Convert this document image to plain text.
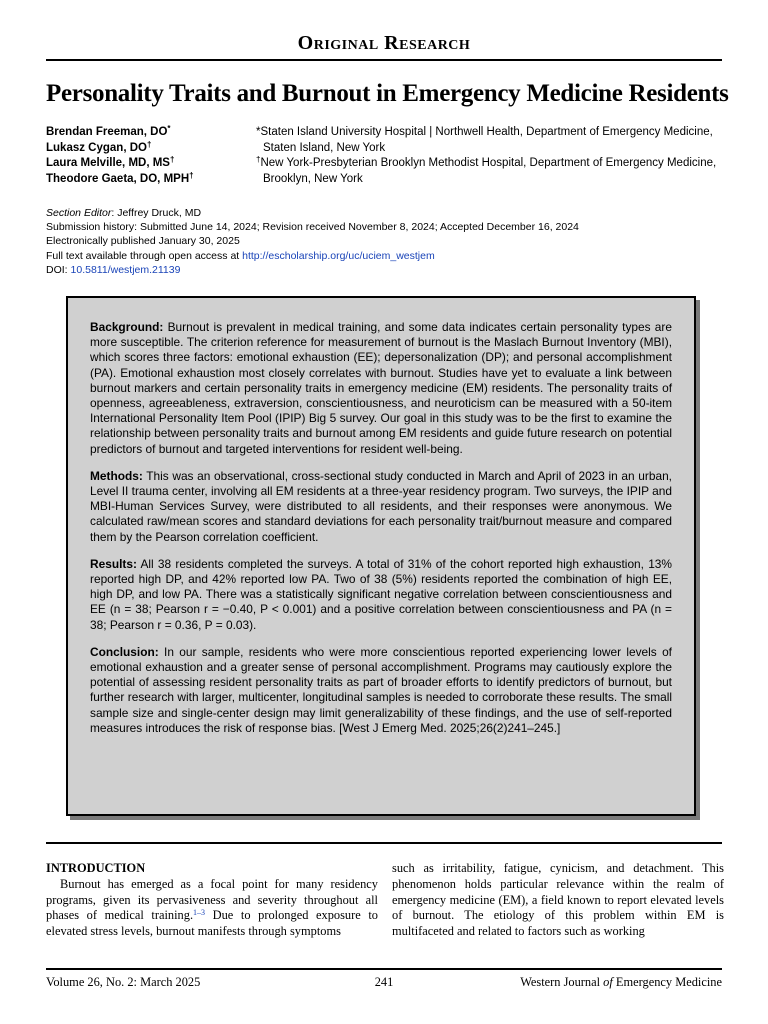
Original Research
Personality Traits and Burnout in Emergency Medicine Residents
Brendan Freeman, DO*
Lukasz Cygan, DO†
Laura Melville, MD, MS†
Theodore Gaeta, DO, MPH†
*Staten Island University Hospital | Northwell Health, Department of Emergency Medicine, Staten Island, New York
†New York-Presbyterian Brooklyn Methodist Hospital, Department of Emergency Medicine, Brooklyn, New York
Section Editor: Jeffrey Druck, MD
Submission history: Submitted June 14, 2024; Revision received November 8, 2024; Accepted December 16, 2024
Electronically published January 30, 2025
Full text available through open access at http://escholarship.org/uc/uciem_westjem
DOI: 10.5811/westjem.21139

Background: Burnout is prevalent in medical training, and some data indicates certain personality types are more susceptible. The criterion reference for measurement of burnout is the Maslach Burnout Inventory (MBI), which scores three factors: emotional exhaustion (EE); depersonalization (DP); and personal accomplishment (PA). Emotional exhaustion most closely correlates with burnout. Studies have yet to evaluate a link between burnout markers and certain personality traits in emergency medicine (EM) residents. The personality traits of openness, agreeableness, extraversion, conscientiousness, and neuroticism can be measured with a 50-item International Personality Item Pool (IPIP) Big 5 survey. Our goal in this study was to be the first to examine the relationship between personality traits and burnout among EM residents and guide future research on potential predictors of burnout and targeted interventions for resident well-being.

Methods: This was an observational, cross-sectional study conducted in March and April of 2023 in an urban, Level II trauma center, involving all EM residents at a three-year residency program. Two surveys, the IPIP and MBI-Human Services Survey, were distributed to all residents, and their responses were anonymous. We calculated raw/mean scores and standard deviations for each personality trait/burnout measure and compared them by the Pearson correlation coefficient.

Results: All 38 residents completed the surveys. A total of 31% of the cohort reported high exhaustion, 13% reported high DP, and 42% reported low PA. Two of 38 (5%) residents reported the combination of high EE, high DP, and low PA. There was a statistically significant negative correlation between conscientiousness and EE (n = 38; Pearson r = −0.40, P < 0.001) and a positive correlation between conscientiousness and PA (n = 38; Pearson r = 0.36, P = 0.03).

Conclusion: In our sample, residents who were more conscientious reported experiencing lower levels of emotional exhaustion and a greater sense of personal accomplishment. Programs may cautiously explore the potential of assessing resident personality traits as part of broader efforts to identify predictors of burnout, but further research with larger, multicenter, longitudinal samples is needed to corroborate these results. The small sample size and single-center design may limit generalizability of these findings, and the use of self-reported measures introduces the risk of response bias. [West J Emerg Med. 2025;26(2)241–245.]

INTRODUCTION

Burnout has emerged as a focal point for many residency programs, given its pervasiveness and severity throughout all phases of medical training.$^{1-3}$ Due to prolonged exposure to elevated stress levels, burnout manifests through symptoms

such as irritability, fatigue, cynicism, and detachment. This phenomenon holds particular relevance within the realm of emergency medicine (EM), a field known to report elevated levels of burnout. The etiology of this problem within EM is multifaceted and related to factors such as working

Volume 26, No. 2: March 2025	241	Western Journal of Emergency Medicine
